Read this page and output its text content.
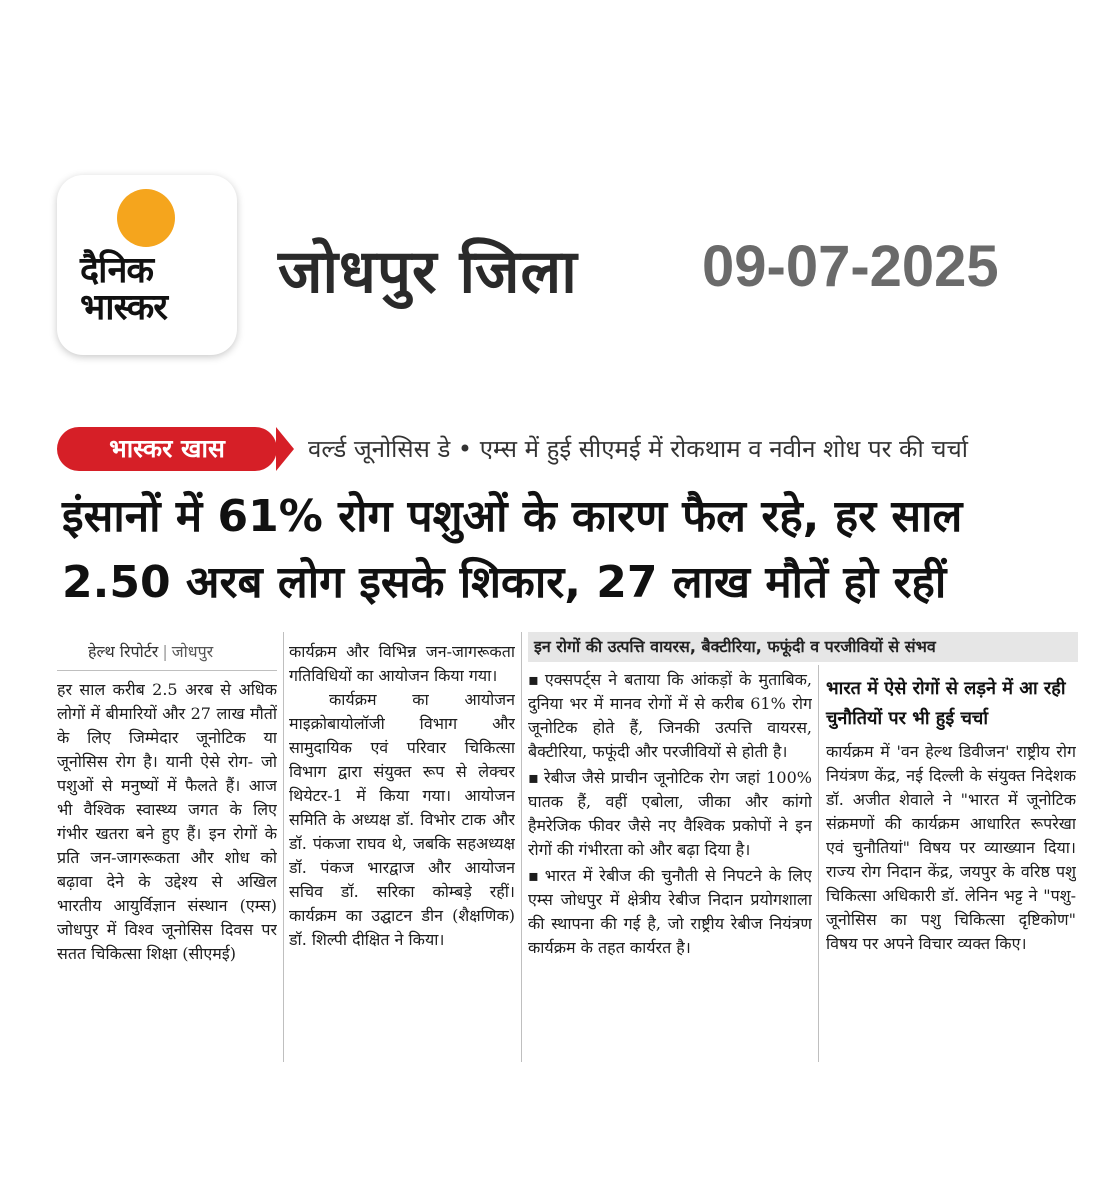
दैनिक
भास्कर
जोधपुर जिला 09-07-2025
भास्कर खास	वर्ल्ड जूनोसिस डे • एम्स में हुई सीएमई में रोकथाम व नवीन शोध पर की चर्चा
इंसानों में 61% रोग पशुओं के कारण फैल रहे, हर साल
2.50 अरब लोग इसके शिकार, 27 लाख मौतें हो रहीं
हेल्थ रिपोर्टर | जोधपुर

हर साल करीब 2.5 अरब से अधिक लोगों में बीमारियों और 27 लाख मौतों के लिए जिम्मेदार जूनोटिक या जूनोसिस रोग है। यानी ऐसे रोग- जो पशुओं से मनुष्यों में फैलते हैं। आज भी वैश्विक स्वास्थ्य जगत के लिए गंभीर खतरा बने हुए हैं। इन रोगों के प्रति जन-जागरूकता और शोध को बढ़ावा देने के उद्देश्य से अखिल भारतीय आयुर्विज्ञान संस्थान (एम्स) जोधपुर में विश्व जूनोसिस दिवस पर सतत चिकित्सा शिक्षा (सीएमई)

कार्यक्रम और विभिन्न जन-जागरूकता गतिविधियों का आयोजन किया गया।

कार्यक्रम का आयोजन माइक्रोबायोलॉजी विभाग और सामुदायिक एवं परिवार चिकित्सा विभाग द्वारा संयुक्त रूप से लेक्चर थियेटर-1 में किया गया। आयोजन समिति के अध्यक्ष डॉ. विभोर टाक और डॉ. पंकजा राघव थे, जबकि सहअध्यक्ष डॉ. पंकज भारद्वाज और आयोजन सचिव डॉ. सरिका कोम्बड़े रहीं। कार्यक्रम का उद्घाटन डीन (शैक्षणिक) डॉ. शिल्पी दीक्षित ने किया।

इन रोगों की उत्पत्ति वायरस, बैक्टीरिया, फफूंदी व परजीवियों से संभव

▪ एक्सपर्ट्स ने बताया कि आंकड़ों के मुताबिक, दुनिया भर में मानव रोगों में से करीब 61% रोग जूनोटिक होते हैं, जिनकी उत्पत्ति वायरस, बैक्टीरिया, फफूंदी और परजीवियों से होती है।

▪ रेबीज जैसे प्राचीन जूनोटिक रोग जहां 100% घातक हैं, वहीं एबोला, जीका और कांगो हैमरेजिक फीवर जैसे नए वैश्विक प्रकोपों ने इन रोगों की गंभीरता को और बढ़ा दिया है।

▪ भारत में रेबीज की चुनौती से निपटने के लिए एम्स जोधपुर में क्षेत्रीय रेबीज निदान प्रयोगशाला की स्थापना की गई है, जो राष्ट्रीय रेबीज नियंत्रण कार्यक्रम के तहत कार्यरत है।

भारत में ऐसे रोगों से लड़ने में आ रही चुनौतियों पर भी हुई चर्चा

कार्यक्रम में 'वन हेल्थ डिवीजन' राष्ट्रीय रोग नियंत्रण केंद्र, नई दिल्ली के संयुक्त निदेशक डॉ. अजीत शेवाले ने "भारत में जूनोटिक संक्रमणों की कार्यक्रम आधारित रूपरेखा एवं चुनौतियां" विषय पर व्याख्यान दिया। राज्य रोग निदान केंद्र, जयपुर के वरिष्ठ पशु चिकित्सा अधिकारी डॉ. लेनिन भट्ट ने "पशु-जूनोसिस का पशु चिकित्सा दृष्टिकोण" विषय पर अपने विचार व्यक्त किए।
